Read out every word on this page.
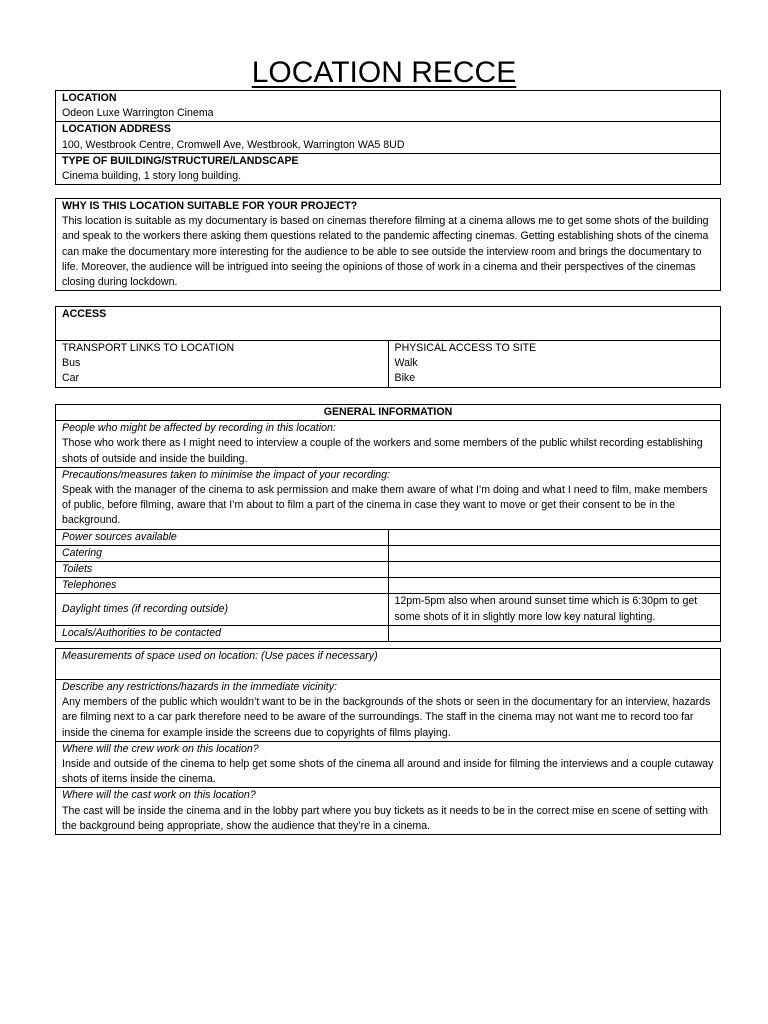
LOCATION RECCE
LOCATION
Odeon Luxe Warrington Cinema

LOCATION ADDRESS
100, Westbrook Centre, Cromwell Ave, Westbrook, Warrington WA5 8UD

TYPE OF BUILDING/STRUCTURE/LANDSCAPE
Cinema building, 1 story long building.
WHY IS THIS LOCATION SUITABLE FOR YOUR PROJECT?
This location is suitable as my documentary is based on cinemas therefore filming at a cinema allows me to get some shots of the building and speak to the workers there asking them questions related to the pandemic affecting cinemas. Getting establishing shots of the cinema can make the documentary more interesting for the audience to be able to see outside the interview room and brings the documentary to life. Moreover, the audience will be intrigued into seeing the opinions of those of work in a cinema and their perspectives of the cinemas closing during lockdown.
ACCESS

TRANSPORT LINKS TO LOCATION
Bus
Car

PHYSICAL ACCESS TO SITE
Walk
Bike
GENERAL INFORMATION	

People who might be affected by recording in this location:
Those who work there as I might need to interview a couple of the workers and some members of the public whilst recording establishing shots of outside and inside the building.	

Precautions/measures taken to minimise the impact of your recording:
Speak with the manager of the cinema to ask permission and make them aware of what I’m doing and what I need to film, make members of public, before filming, aware that I’m about to film a part of the cinema in case they want to move or get their consent to be in the background.	

Power sources available	
Catering	
Toilets	
Telephones	
Daylight times (if recording outside)	12pm-5pm also when around sunset time which is 6:30pm to get some shots of it in slightly more low key natural lighting.
Locals/Authorities to be contacted	
Measurements of space used on location: (Use paces if necessary)

Describe any restrictions/hazards in the immediate vicinity:
Any members of the public which wouldn’t want to be in the backgrounds of the shots or seen in the documentary for an interview, hazards are filming next to a car park therefore need to be aware of the surroundings. The staff in the cinema may not want me to record too far inside the cinema for example inside the screens due to copyrights of films playing.

Where will the crew work on this location?
Inside and outside of the cinema to help get some shots of the cinema all around and inside for filming the interviews and a couple cutaway shots of items inside the cinema.

Where will the cast work on this location?
The cast will be inside the cinema and in the lobby part where you buy tickets as it needs to be in the correct mise en scene of setting with the background being appropriate, show the audience that they’re in a cinema.
